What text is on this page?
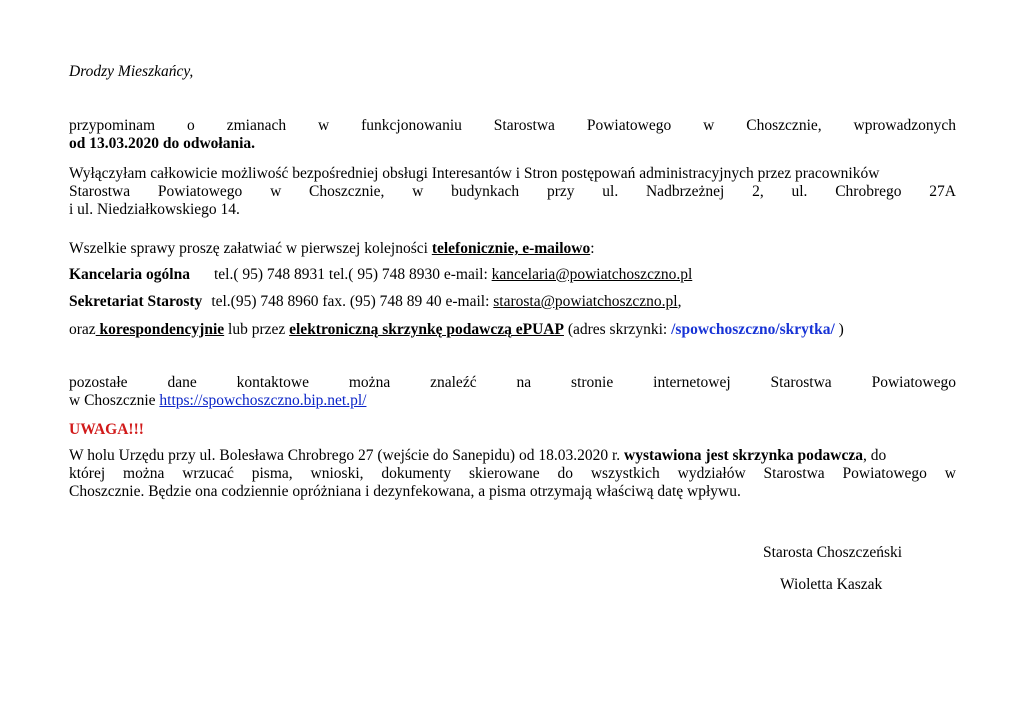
Drodzy Mieszkańcy,
przypominam o zmianach w funkcjonowaniu Starostwa Powiatowego w Choszcznie, wprowadzonych
od 13.03.2020 do odwołania.
Wyłączyłam całkowicie możliwość bezpośredniej obsługi Interesantów i Stron postępowań administracyjnych przez pracowników
Starostwa Powiatowego w Choszcznie, w budynkach przy ul. Nadbrzeżnej 2, ul. Chrobrego 27A
i ul. Niedziałkowskiego 14.
Wszelkie sprawy proszę załatwiać w pierwszej kolejności telefonicznie, e-mailowo:
Kancelaria ogólna tel.( 95) 748 8931 tel.( 95) 748 8930 e-mail: kancelaria@powiatchoszczno.pl
Sekretariat Starosty tel.(95) 748 8960 fax. (95) 748 89 40 e-mail: starosta@powiatchoszczno.pl,
oraz korespondencyjnie lub przez elektroniczną skrzynkę podawczą ePUAP (adres skrzynki: /spowchoszczno/skrytka/ )
pozostałe dane kontaktowe można znaleźć na stronie internetowej Starostwa Powiatowego
w Choszcznie https://spowchoszczno.bip.net.pl/
UWAGA!!!
W holu Urzędu przy ul. Bolesława Chrobrego 27 (wejście do Sanepidu) od 18.03.2020 r. wystawiona jest skrzynka podawcza, do
której można wrzucać pisma, wnioski, dokumenty skierowane do wszystkich wydziałów Starostwa Powiatowego w
Choszcznie. Będzie ona codziennie opróżniana i dezynfekowana, a pisma otrzymają właściwą datę wpływu.
Starosta Choszczeński
Wioletta Kaszak
